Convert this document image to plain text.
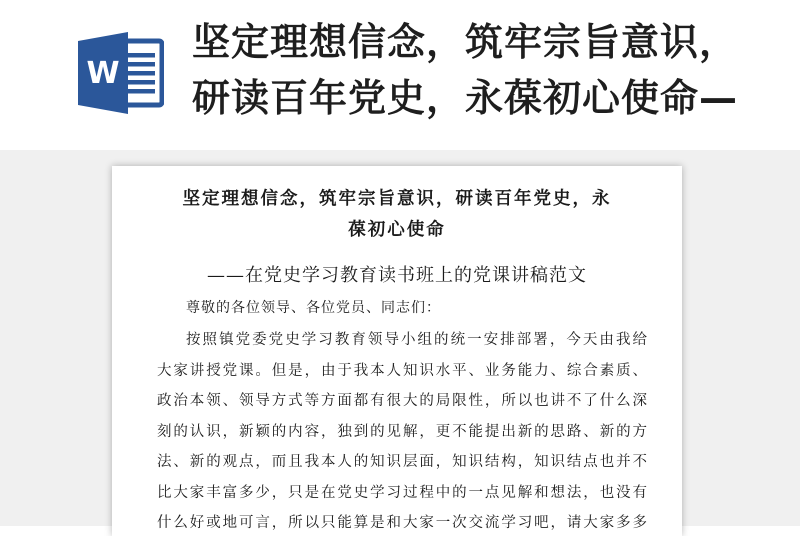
W
坚定理想信念，筑牢宗旨意识，
研读百年党史，永葆初心使命—
坚定理想信念，筑牢宗旨意识，研读百年党史，永
葆初心使命
——在党史学习教育读书班上的党课讲稿范文
尊敬的各位领导、各位党员、同志们：
按照镇党委党史学习教育领导小组的统一安排部署，今天由我给
大家讲授党课。但是，由于我本人知识水平、业务能力、综合素质、
政治本领、领导方式等方面都有很大的局限性，所以也讲不了什么深
刻的认识，新颖的内容，独到的见解，更不能提出新的思路、新的方
法、新的观点，而且我本人的知识层面，知识结构，知识结点也并不
比大家丰富多少，只是在党史学习过程中的一点见解和想法，也没有
什么好或地可言，所以只能算是和大家一次交流学习吧，请大家多多
